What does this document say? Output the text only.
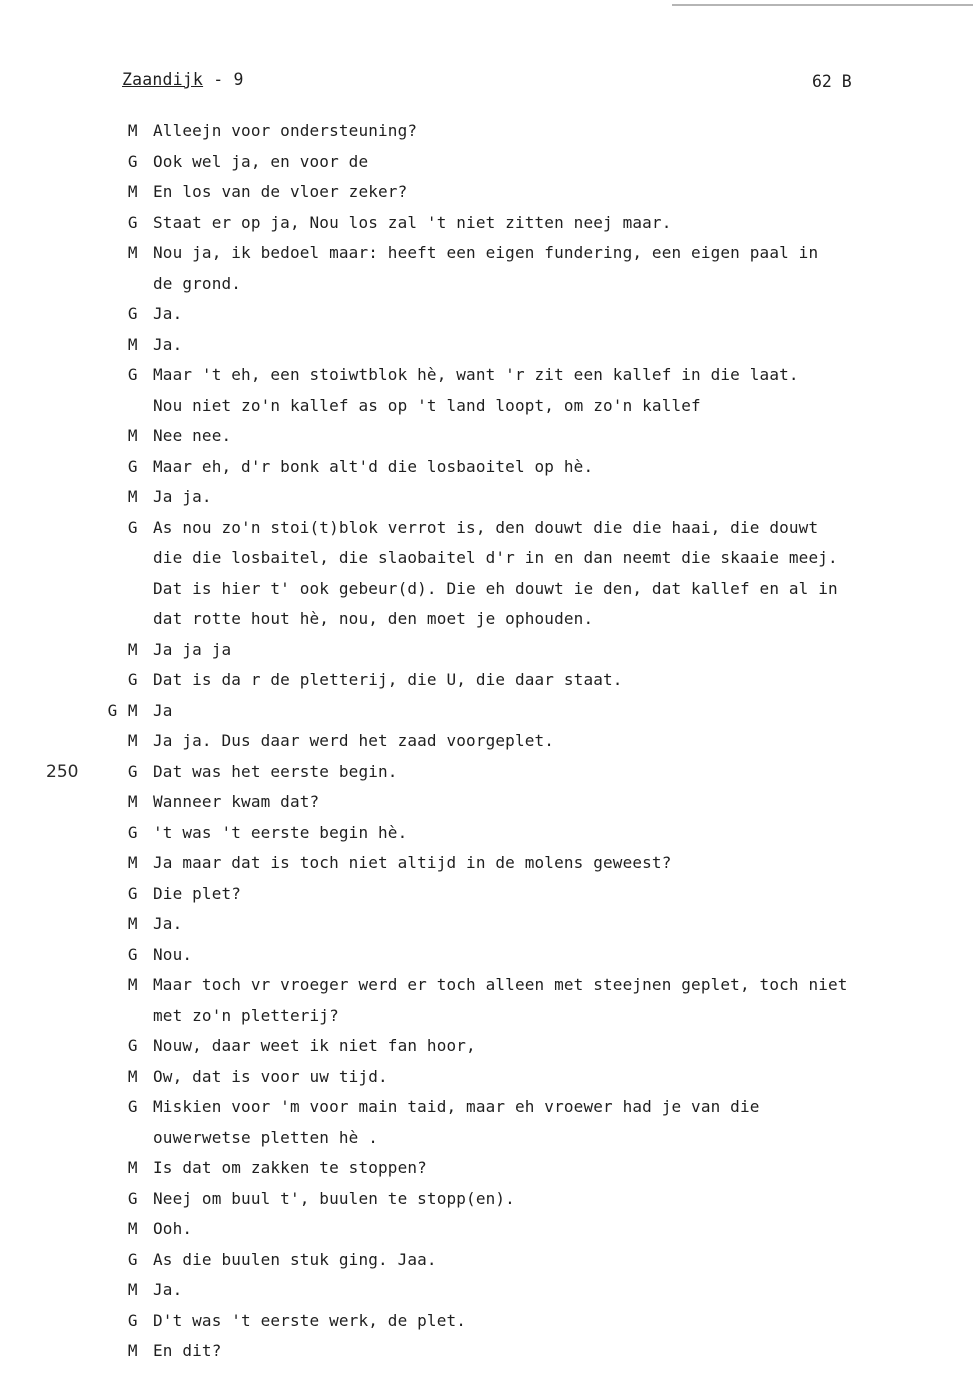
Zaandijk - 9	62 B
M Alleejn voor ondersteuning?
G Ook wel ja, en voor de
M En los van de vloer zeker?
G Staat er op ja, Nou los zal 't niet zitten neej maar.
M Nou ja, ik bedoel maar: heeft een eigen fundering, een eigen paal in
de grond.
G Ja.
M Ja.
G Maar 't eh, een stoiwtblok hè, want 'r zit een kallef in die laat.
Nou niet zo'n kallef as op 't land loopt, om zo'n kallef
M Nee nee.
G Maar eh, d'r bonk alt'd die losbaoitel op hè.
M Ja ja.
G As nou zo'n stoi(t)blok verrot is, den douwt die die haai, die douwt
die die losbaitel, die slaobaitel d'r in en dan neemt die skaaie meej.
Dat is hier t' ook gebeur(d). Die eh douwt ie den, dat kallef en al in
dat rotte hout hè, nou, den moet je ophouden.
M Ja ja ja
G Dat is da r de pletterij, die U, die daar staat.
G M Ja
M Ja ja. Dus daar werd het zaad voorgeplet.
250	G Dat was het eerste begin.
M Wanneer kwam dat?
G 't was 't eerste begin hè.
M Ja maar dat is toch niet altijd in de molens geweest?
G Die plet?
M Ja.
G Nou.
M Maar toch vr vroeger werd er toch alleen met steejnen geplet, toch niet
met zo'n pletterij?
G Nouw, daar weet ik niet fan hoor,
M Ow, dat is voor uw tijd.
G Miskien voor 'm voor main taid, maar eh vroewer had je van die
ouwerwetse pletten hè .
M Is dat om zakken te stoppen?
G Neej om buul t', buulen te stopp(en).
M Ooh.
G As die buulen stuk ging. Jaa.
M Ja.
G D't was 't eerste werk, de plet.
M En dit?
